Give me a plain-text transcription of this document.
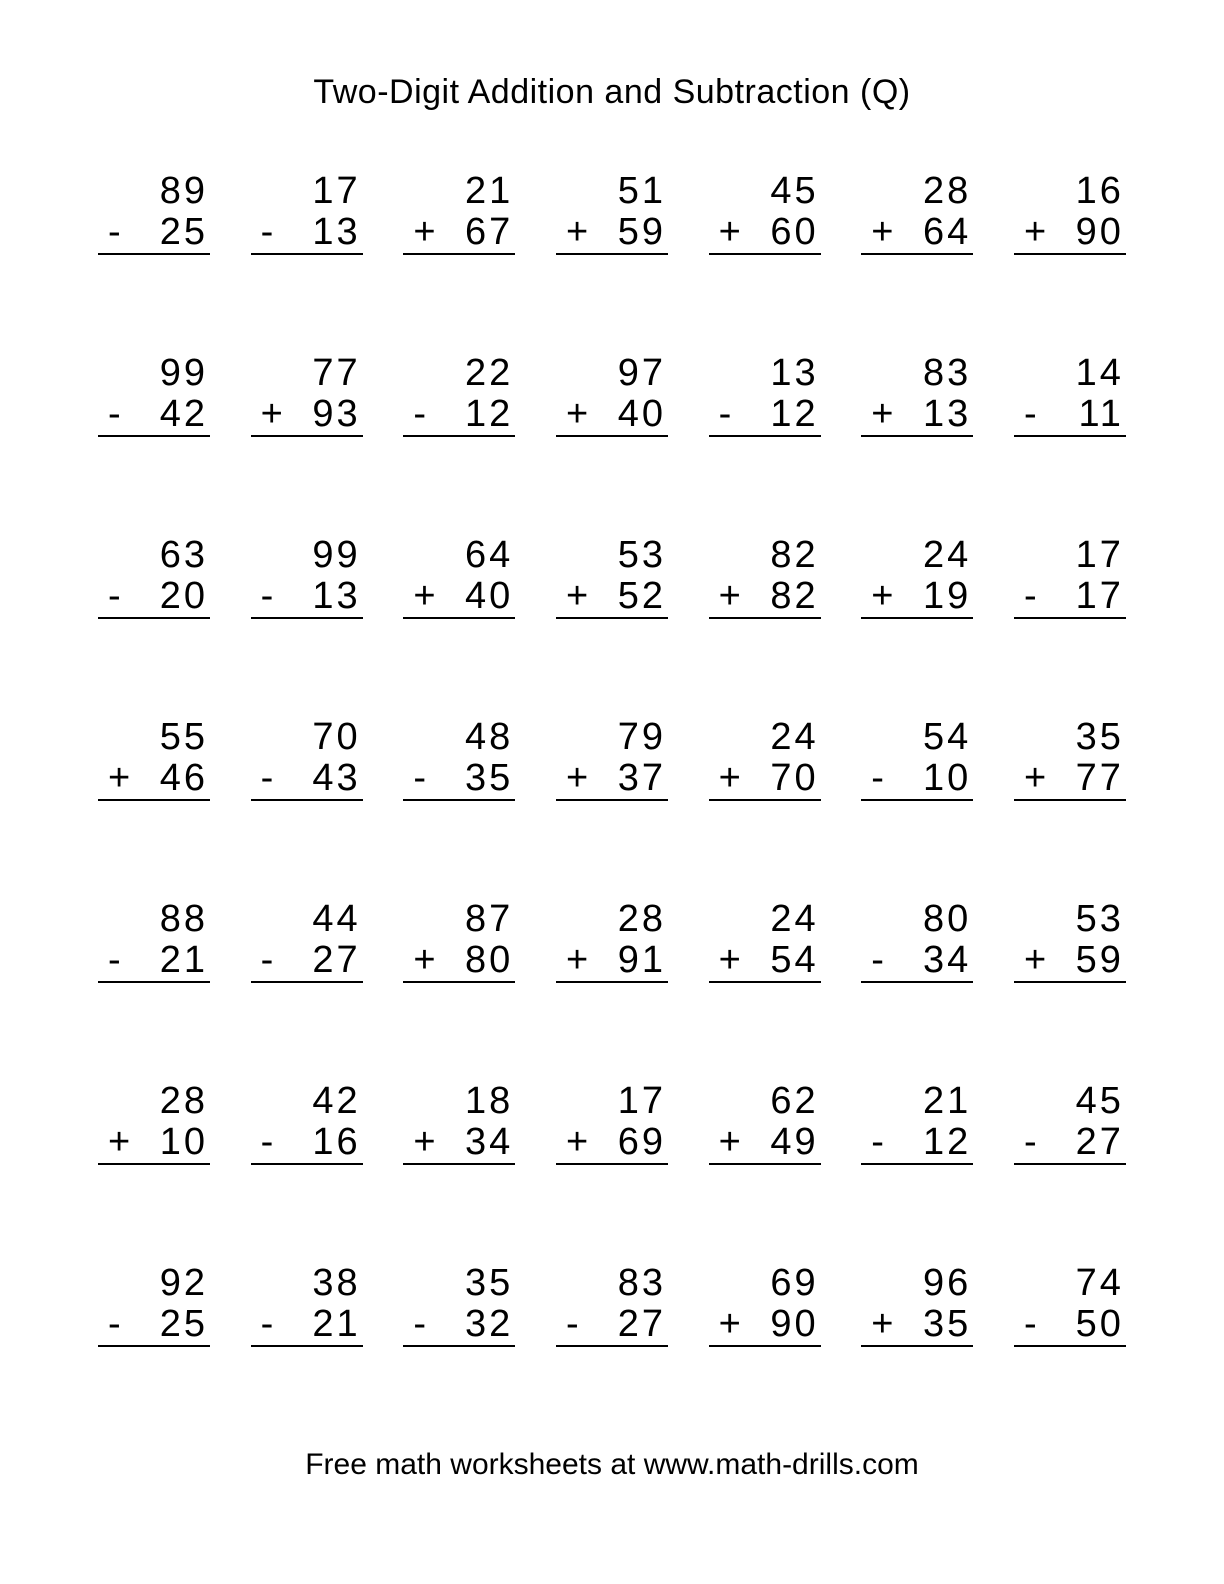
Two-Digit Addition and Subtraction (Q)
89
- 25
17
- 13
21
+ 67
51
+ 59
45
+ 60
28
+ 64
16
+ 90
99
- 42
77
+ 93
22
- 12
97
+ 40
13
- 12
83
+ 13
14
- 11
63
- 20
99
- 13
64
+ 40
53
+ 52
82
+ 82
24
+ 19
17
- 17
55
+ 46
70
- 43
48
- 35
79
+ 37
24
+ 70
54
- 10
35
+ 77
88
- 21
44
- 27
87
+ 80
28
+ 91
24
+ 54
80
- 34
53
+ 59
28
+ 10
42
- 16
18
+ 34
17
+ 69
62
+ 49
21
- 12
45
- 27
92
- 25
38
- 21
35
- 32
83
- 27
69
+ 90
96
+ 35
74
- 50
Free math worksheets at www.math-drills.com
